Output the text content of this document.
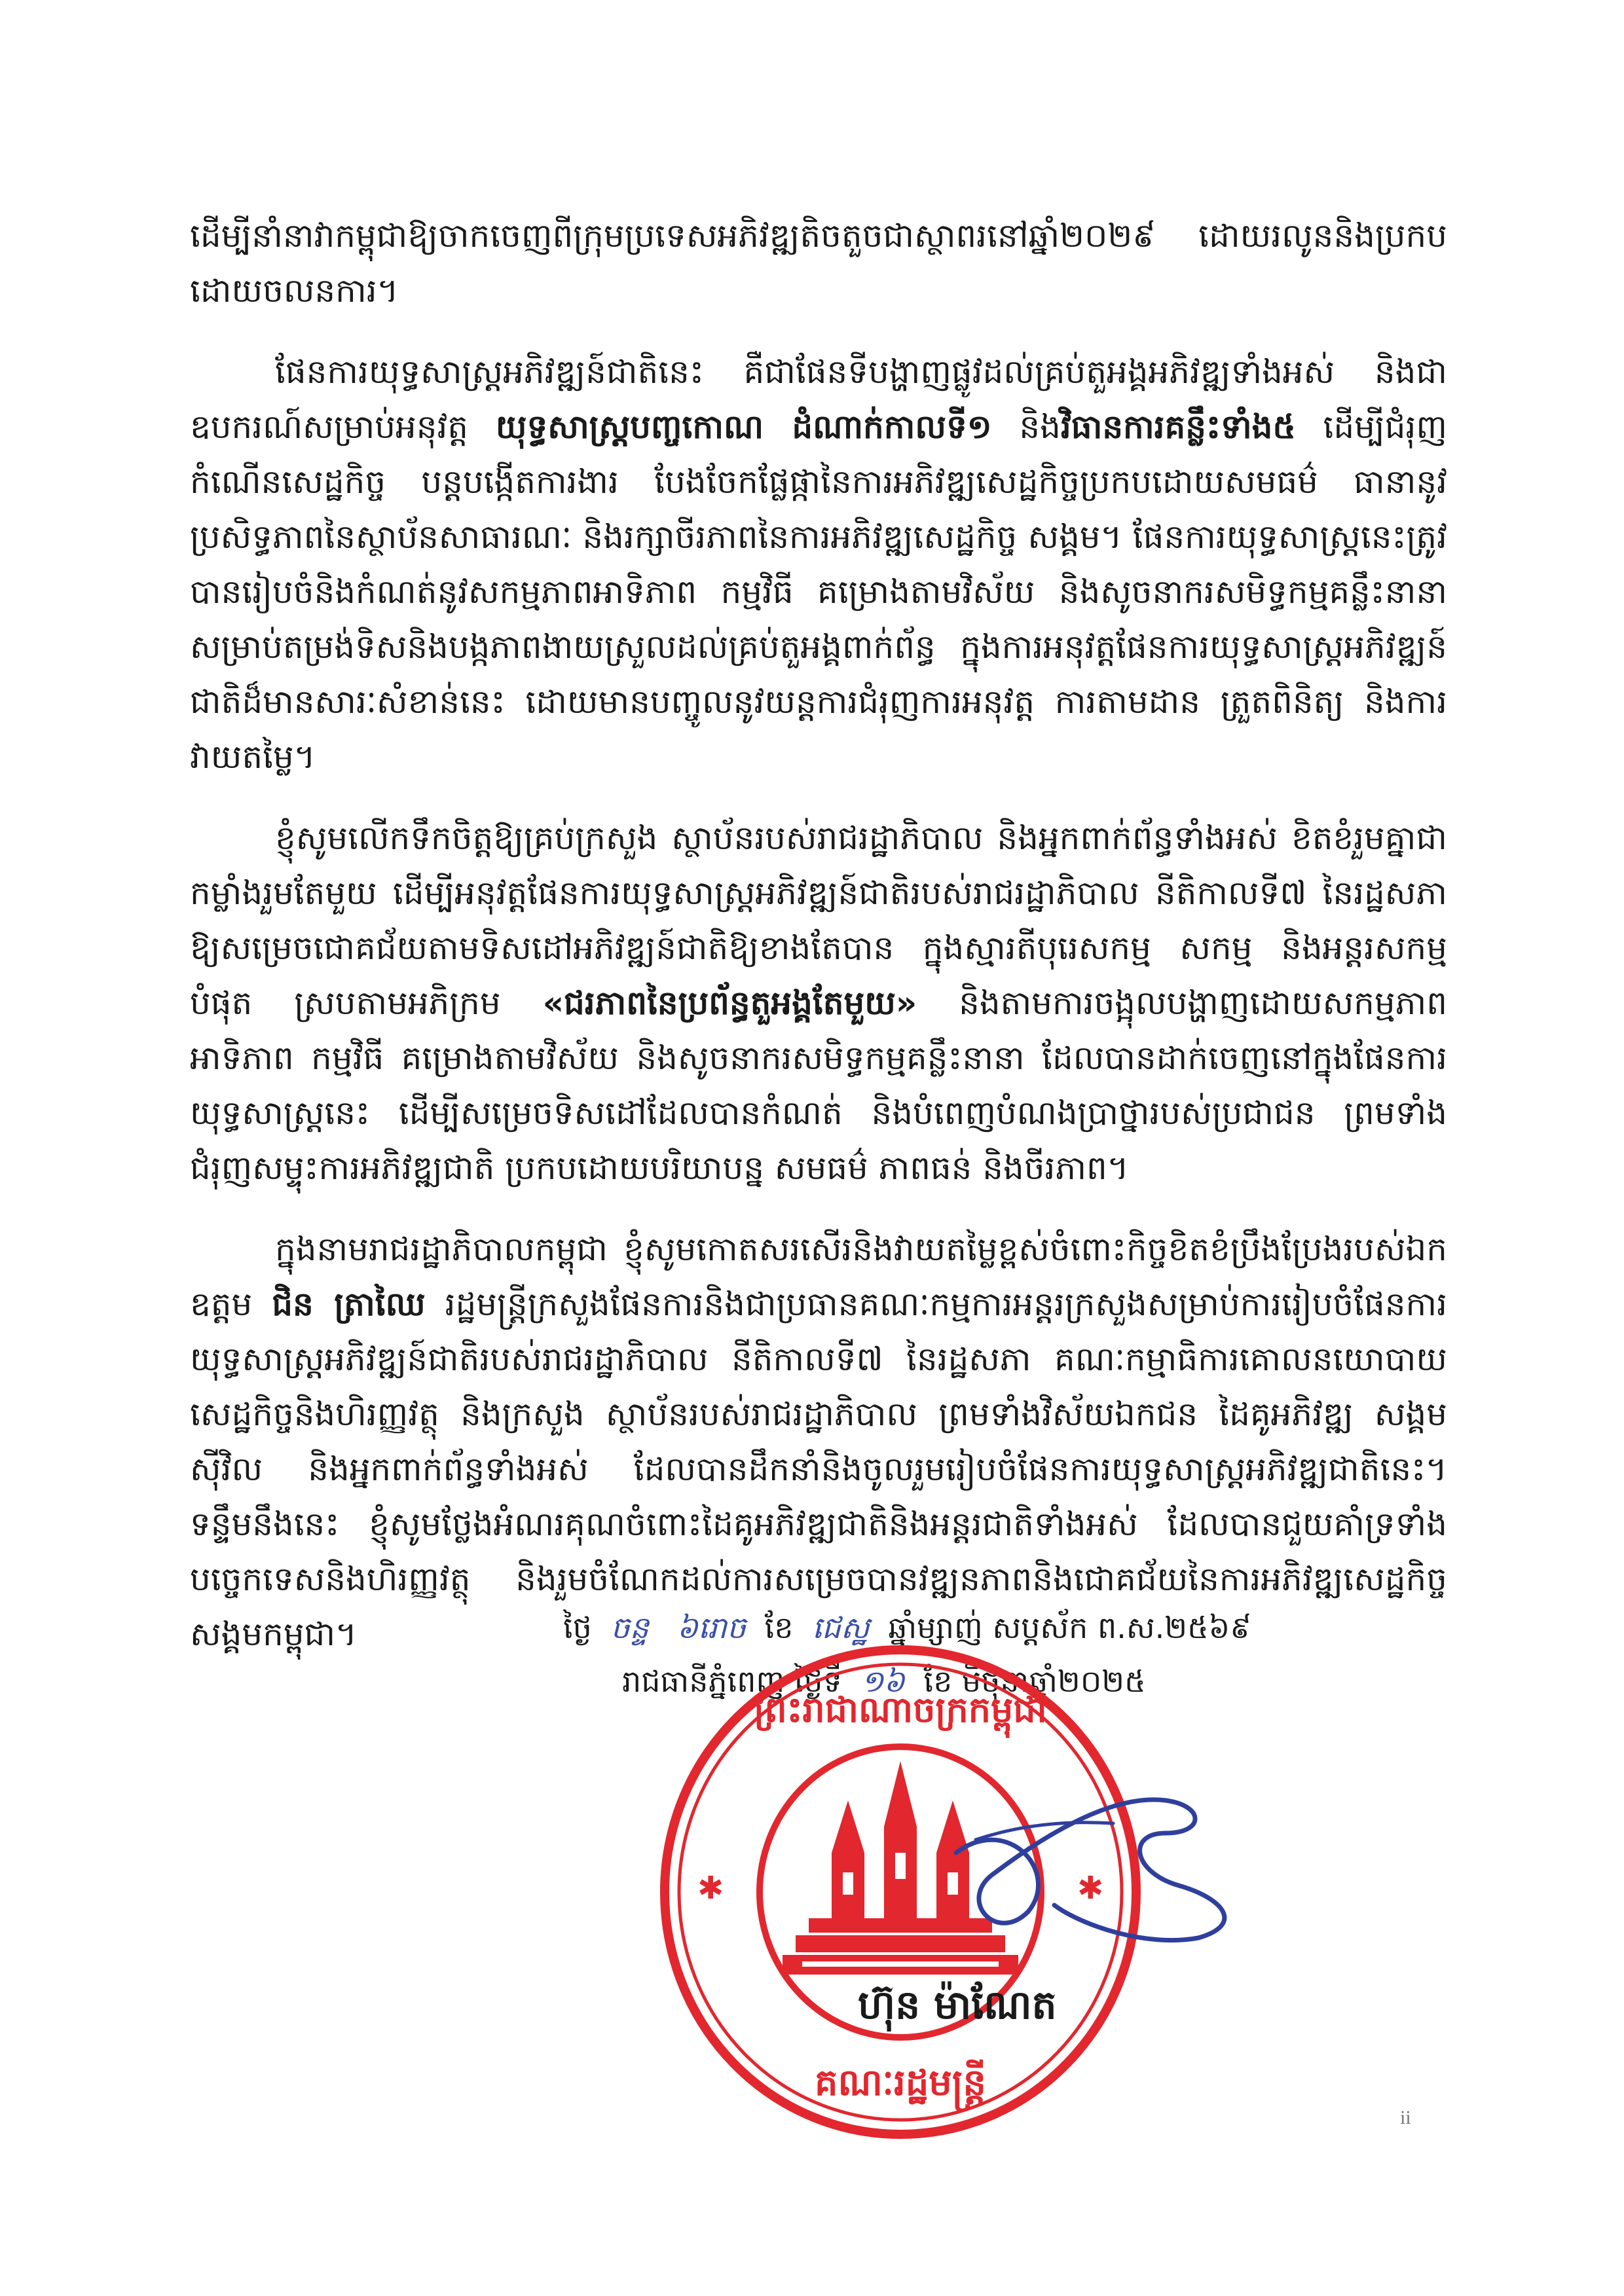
ដើម្បីនាំនាវាកម្ពុជាឱ្យចាកចេញពីក្រុមប្រទេសអភិវឌ្ឍតិចតួចជាស្ថាពរនៅឆ្នាំ២០២៩ ដោយរលូននិងប្រកបដោយចលនការ។

ផែនការយុទ្ធសាស្ត្រអភិវឌ្ឍន៍ជាតិនេះ គឺជាផែនទីបង្ហាញផ្លូវដល់គ្រប់តួអង្គអភិវឌ្ឍទាំងអស់ និងជាឧបករណ៍សម្រាប់អនុវត្ត យុទ្ធសាស្ត្របញ្ចកោណ ដំណាក់កាលទី១ និងវិធានការគន្លឹះទាំង៥ ដើម្បីជំរុញកំណើនសេដ្ឋកិច្ច បន្តបង្កើតការងារ បែងចែកផ្លែផ្កានៃការអភិវឌ្ឍសេដ្ឋកិច្ចប្រកបដោយសមធម៌ ធានានូវប្រសិទ្ធភាពនៃស្ថាប័នសាធារណៈ និងរក្សាចីរភាពនៃការអភិវឌ្ឍសេដ្ឋកិច្ច សង្គម។ ផែនការយុទ្ធសាស្ត្រនេះត្រូវបានរៀបចំនិងកំណត់នូវសកម្មភាពអាទិភាព កម្មវិធី គម្រោងតាមវិស័យ និងសូចនាករសមិទ្ធកម្មគន្លឹះនានា សម្រាប់តម្រង់ទិសនិងបង្កភាពងាយស្រួលដល់គ្រប់តួអង្គពាក់ព័ន្ធ ក្នុងការអនុវត្តផែនការយុទ្ធសាស្ត្រអភិវឌ្ឍន៍ជាតិដ៏មានសារៈសំខាន់នេះ ដោយមានបញ្ចូលនូវយន្តការជំរុញការអនុវត្ត ការតាមដាន ត្រួតពិនិត្យ និងការវាយតម្លៃ។

ខ្ញុំសូមលើកទឹកចិត្តឱ្យគ្រប់ក្រសួង ស្ថាប័នរបស់រាជរដ្ឋាភិបាល និងអ្នកពាក់ព័ន្ធទាំងអស់ ខិតខំរួមគ្នាជាកម្លាំងរួមតែមួយ ដើម្បីអនុវត្តផែនការយុទ្ធសាស្ត្រអភិវឌ្ឍន៍ជាតិរបស់រាជរដ្ឋាភិបាល នីតិកាលទី៧ នៃរដ្ឋសភា ឱ្យសម្រេចជោគជ័យតាមទិសដៅអភិវឌ្ឍន៍ជាតិឱ្យខាងតែបាន ក្នុងស្មារតីបុរេសកម្ម សកម្ម និងអន្តរសកម្មបំផុត ស្របតាមអភិក្រម «ជរភាពនៃប្រព័ន្ធតួអង្គតែមួយ» និងតាមការចង្អុលបង្ហាញដោយសកម្មភាពអាទិភាព កម្មវិធី គម្រោងតាមវិស័យ និងសូចនាករសមិទ្ធកម្មគន្លឹះនានា ដែលបានដាក់ចេញនៅក្នុងផែនការយុទ្ធសាស្ត្រនេះ ដើម្បីសម្រេចទិសដៅដែលបានកំណត់ និងបំពេញបំណងប្រាថ្នារបស់ប្រជាជន ព្រមទាំងជំរុញសម្ទុះការអភិវឌ្ឍជាតិ ប្រកបដោយបរិយាបន្ន សមធម៌ ភាពធន់ និងចីរភាព។

ក្នុងនាមរាជរដ្ឋាភិបាលកម្ពុជា ខ្ញុំសូមកោតសរសើរនិងវាយតម្លៃខ្ពស់ចំពោះកិច្ចខិតខំប្រឹងប្រែងរបស់ឯកឧត្តម ជិន ត្រាឈៃ រដ្ឋមន្ត្រីក្រសួងផែនការនិងជាប្រធានគណៈកម្មការអន្តរក្រសួងសម្រាប់ការរៀបចំផែនការយុទ្ធសាស្ត្រអភិវឌ្ឍន៍ជាតិរបស់រាជរដ្ឋាភិបាល នីតិកាលទី៧ នៃរដ្ឋសភា គណៈកម្មាធិការគោលនយោបាយសេដ្ឋកិច្ចនិងហិរញ្ញវត្ថុ និងក្រសួង ស្ថាប័នរបស់រាជរដ្ឋាភិបាល ព្រមទាំងវិស័យឯកជន ដៃគូអភិវឌ្ឍ សង្គមស៊ីវិល និងអ្នកពាក់ព័ន្ធទាំងអស់ ដែលបានដឹកនាំនិងចូលរួមរៀបចំផែនការយុទ្ធសាស្ត្រអភិវឌ្ឍជាតិនេះ។ ទន្ទឹមនឹងនេះ ខ្ញុំសូមថ្លែងអំណរគុណចំពោះដៃគូអភិវឌ្ឍជាតិនិងអន្តរជាតិទាំងអស់ ដែលបានជួយគាំទ្រទាំងបច្ចេកទេសនិងហិរញ្ញវត្ថុ និងរួមចំណែកដល់ការសម្រេចបានវឌ្ឍនភាពនិងជោគជ័យនៃការអភិវឌ្ឍសេដ្ឋកិច្ច សង្គមកម្ពុជា។	ថ្ងៃ ចន្ទ ៦រោច ខែ ជេស្ឋ ឆ្នាំម្សាញ់ សប្តស័ក ព.ស.២៥៦៩
រាជធានីភ្នំពេញ ថ្ងៃទី ១៦ ខែ មិថុនាឆ្នាំ២០២៥
✱	✱
ព្រះរាជាណាចក្រកម្ពុជា
គណៈរដ្ឋមន្ត្រី
ហ៊ុន ម៉ាណែត
ii
